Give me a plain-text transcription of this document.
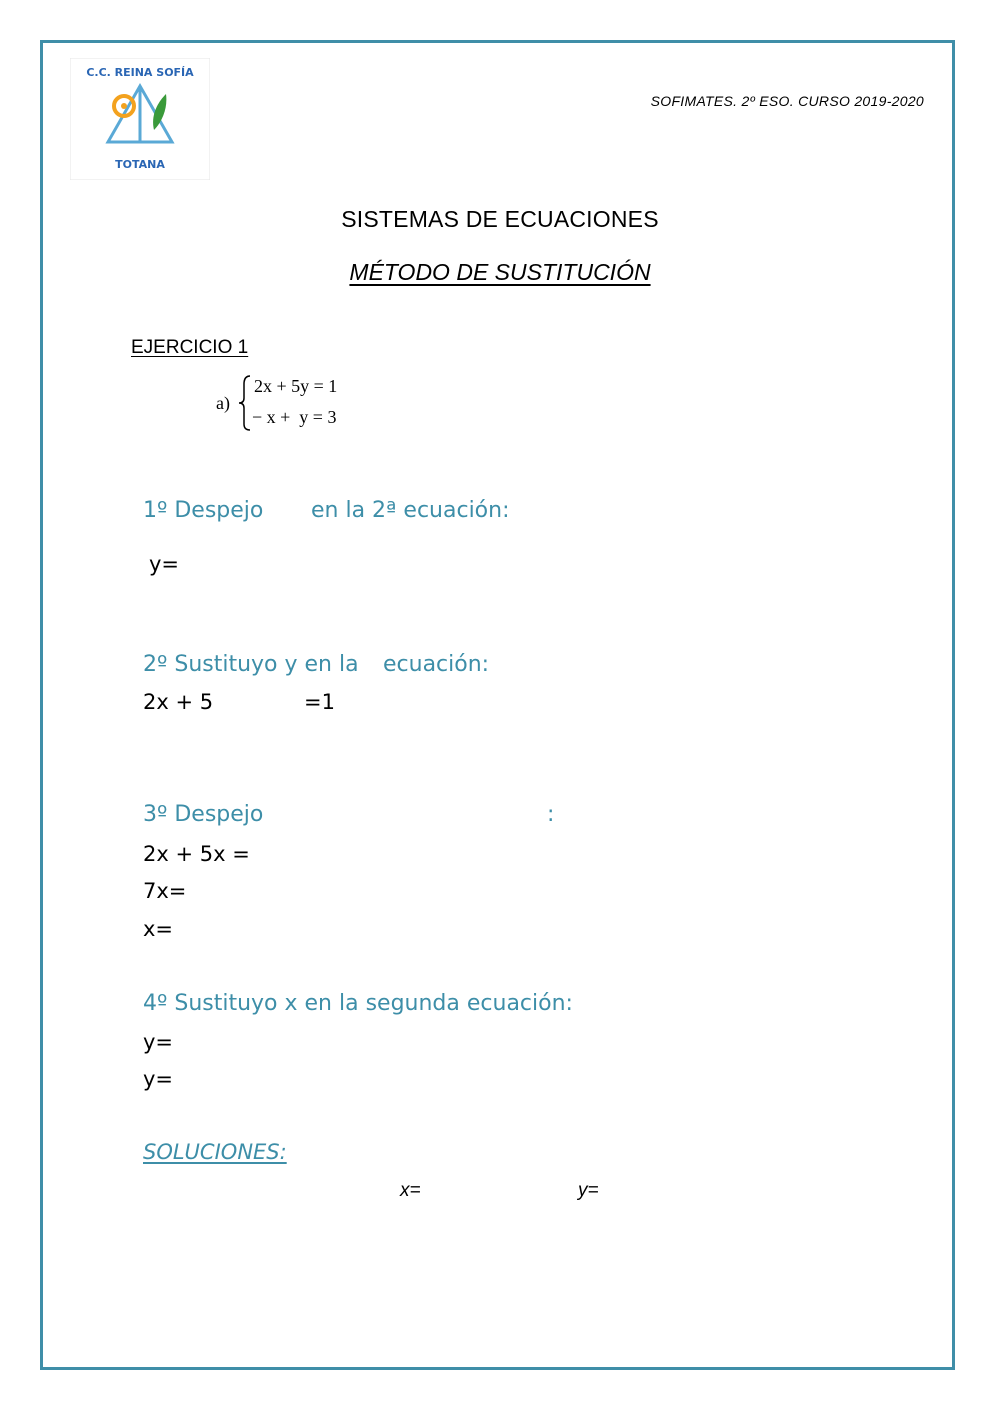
C.C. REINA SOFÍA
TOTANA
SOFIMATES. 2º ESO. CURSO 2019-2020
SISTEMAS DE ECUACIONES
MÉTODO DE SUSTITUCIÓN
EJERCICIO 1
a)
2x + 5y = 1
− x +  y = 3
1º Despejo en la 2ª ecuación:
y=
2º Sustituyo y en la ecuación:
2x + 5	=1
3º Despejo	:
2x + 5x =
7x=
x=
4º Sustituyo x en la segunda ecuación:
y=
y=
SOLUCIONES:
x=	y=
